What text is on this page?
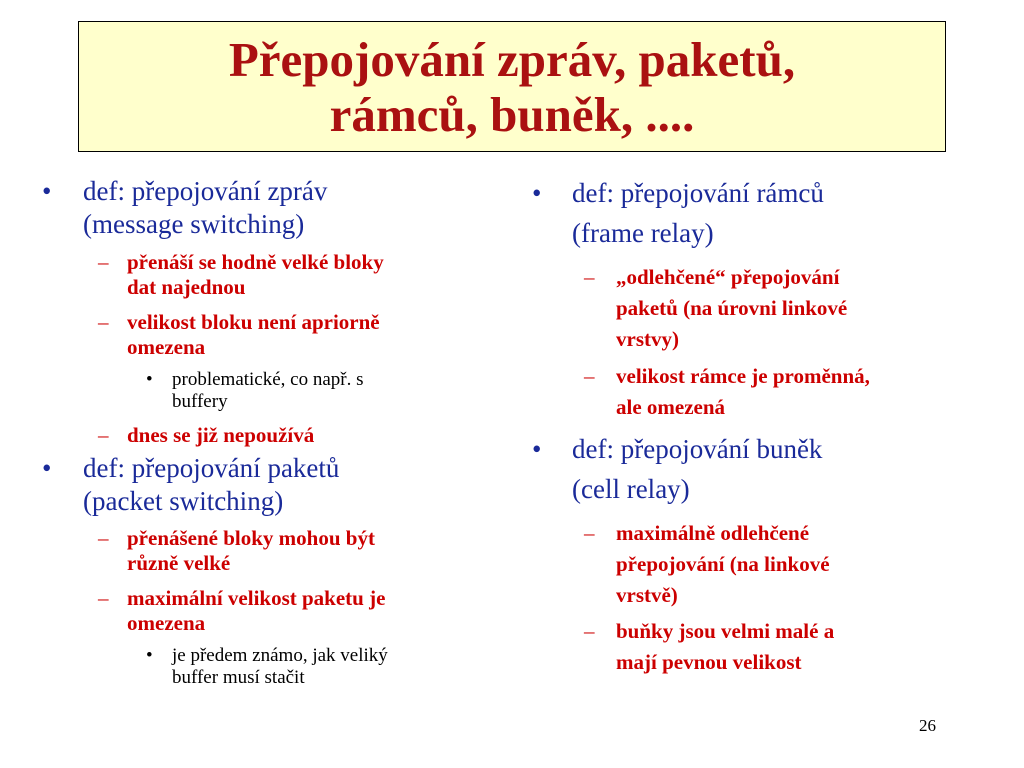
Přepojování zpráv, paketů,
rámců, buněk, ....
• def: přepojování zpráv
(message switching)
– přenáší se hodně velké bloky
dat najednou
– velikost bloku není apriorně
omezena
• problematické, co např. s
buffery
– dnes se již nepoužívá
• def: přepojování paketů
(packet switching)
– přenášené bloky mohou být
různě velké
– maximální velikost paketu je
omezena
• je předem známo, jak veliký
buffer musí stačit
• def: přepojování rámců
(frame relay)
– „odlehčené“ přepojování
paketů (na úrovni linkové
vrstvy)
– velikost rámce je proměnná,
ale omezená
• def: přepojování buněk
(cell relay)
– maximálně odlehčené
přepojování (na linkové
vrstvě)
– buňky jsou velmi malé a
mají pevnou velikost
26
